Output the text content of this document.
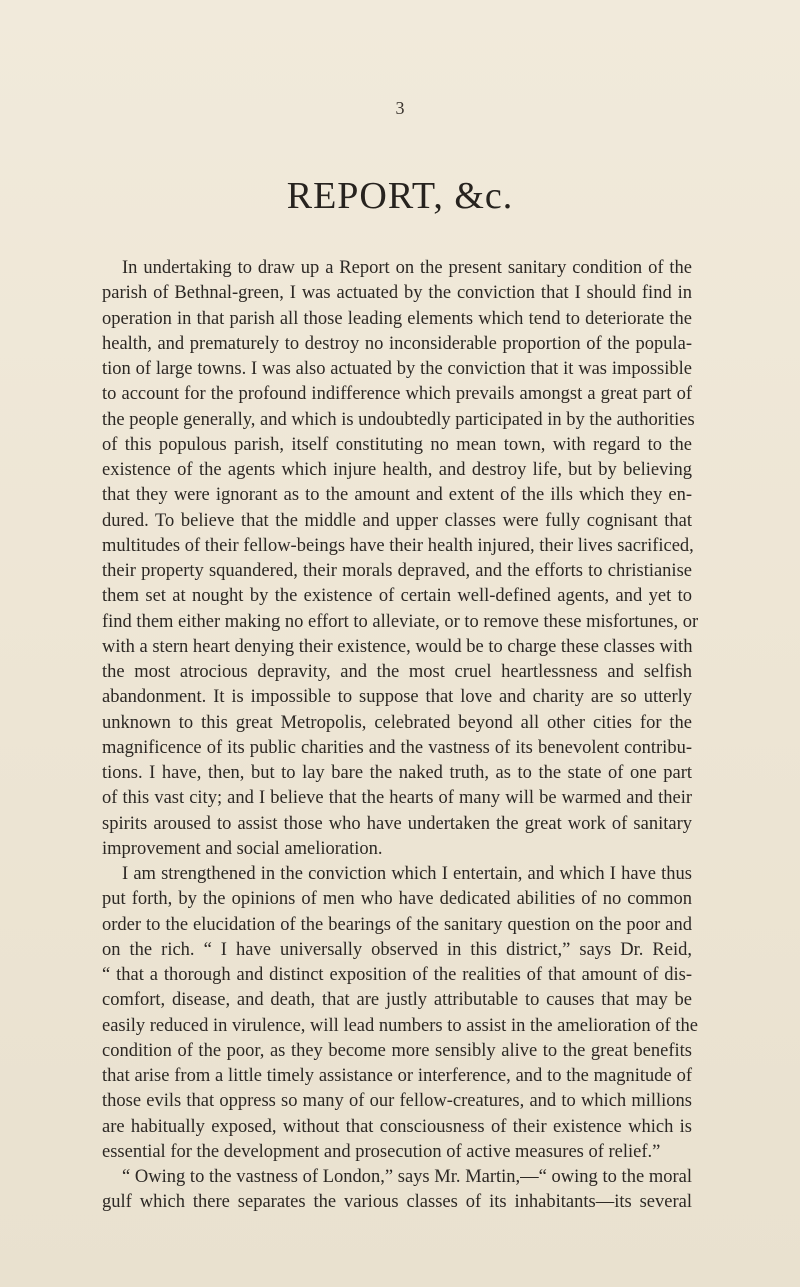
3
REPORT, &c.
In undertaking to draw up a Report on the present sanitary condition of the
parish of Bethnal-green, I was actuated by the conviction that I should find in
operation in that parish all those leading elements which tend to deteriorate the
health, and prematurely to destroy no inconsiderable proportion of the popula-
tion of large towns. I was also actuated by the conviction that it was impossible
to account for the profound indifference which prevails amongst a great part of
the people generally, and which is undoubtedly participated in by the authorities
of this populous parish, itself constituting no mean town, with regard to the
existence of the agents which injure health, and destroy life, but by believing
that they were ignorant as to the amount and extent of the ills which they en-
dured. To believe that the middle and upper classes were fully cognisant that
multitudes of their fellow-beings have their health injured, their lives sacrificed,
their property squandered, their morals depraved, and the efforts to christianise
them set at nought by the existence of certain well-defined agents, and yet to
find them either making no effort to alleviate, or to remove these misfortunes, or
with a stern heart denying their existence, would be to charge these classes with
the most atrocious depravity, and the most cruel heartlessness and selfish
abandonment. It is impossible to suppose that love and charity are so utterly
unknown to this great Metropolis, celebrated beyond all other cities for the
magnificence of its public charities and the vastness of its benevolent contribu-
tions. I have, then, but to lay bare the naked truth, as to the state of one part
of this vast city; and I believe that the hearts of many will be warmed and their
spirits aroused to assist those who have undertaken the great work of sanitary
improvement and social amelioration.
I am strengthened in the conviction which I entertain, and which I have thus
put forth, by the opinions of men who have dedicated abilities of no common
order to the elucidation of the bearings of the sanitary question on the poor and
on the rich. “ I have universally observed in this district,” says Dr. Reid,
“ that a thorough and distinct exposition of the realities of that amount of dis-
comfort, disease, and death, that are justly attributable to causes that may be
easily reduced in virulence, will lead numbers to assist in the amelioration of the
condition of the poor, as they become more sensibly alive to the great benefits
that arise from a little timely assistance or interference, and to the magnitude of
those evils that oppress so many of our fellow-creatures, and to which millions
are habitually exposed, without that consciousness of their existence which is
essential for the development and prosecution of active measures of relief.”
“ Owing to the vastness of London,” says Mr. Martin,—“ owing to the moral
gulf which there separates the various classes of its inhabitants—its several
